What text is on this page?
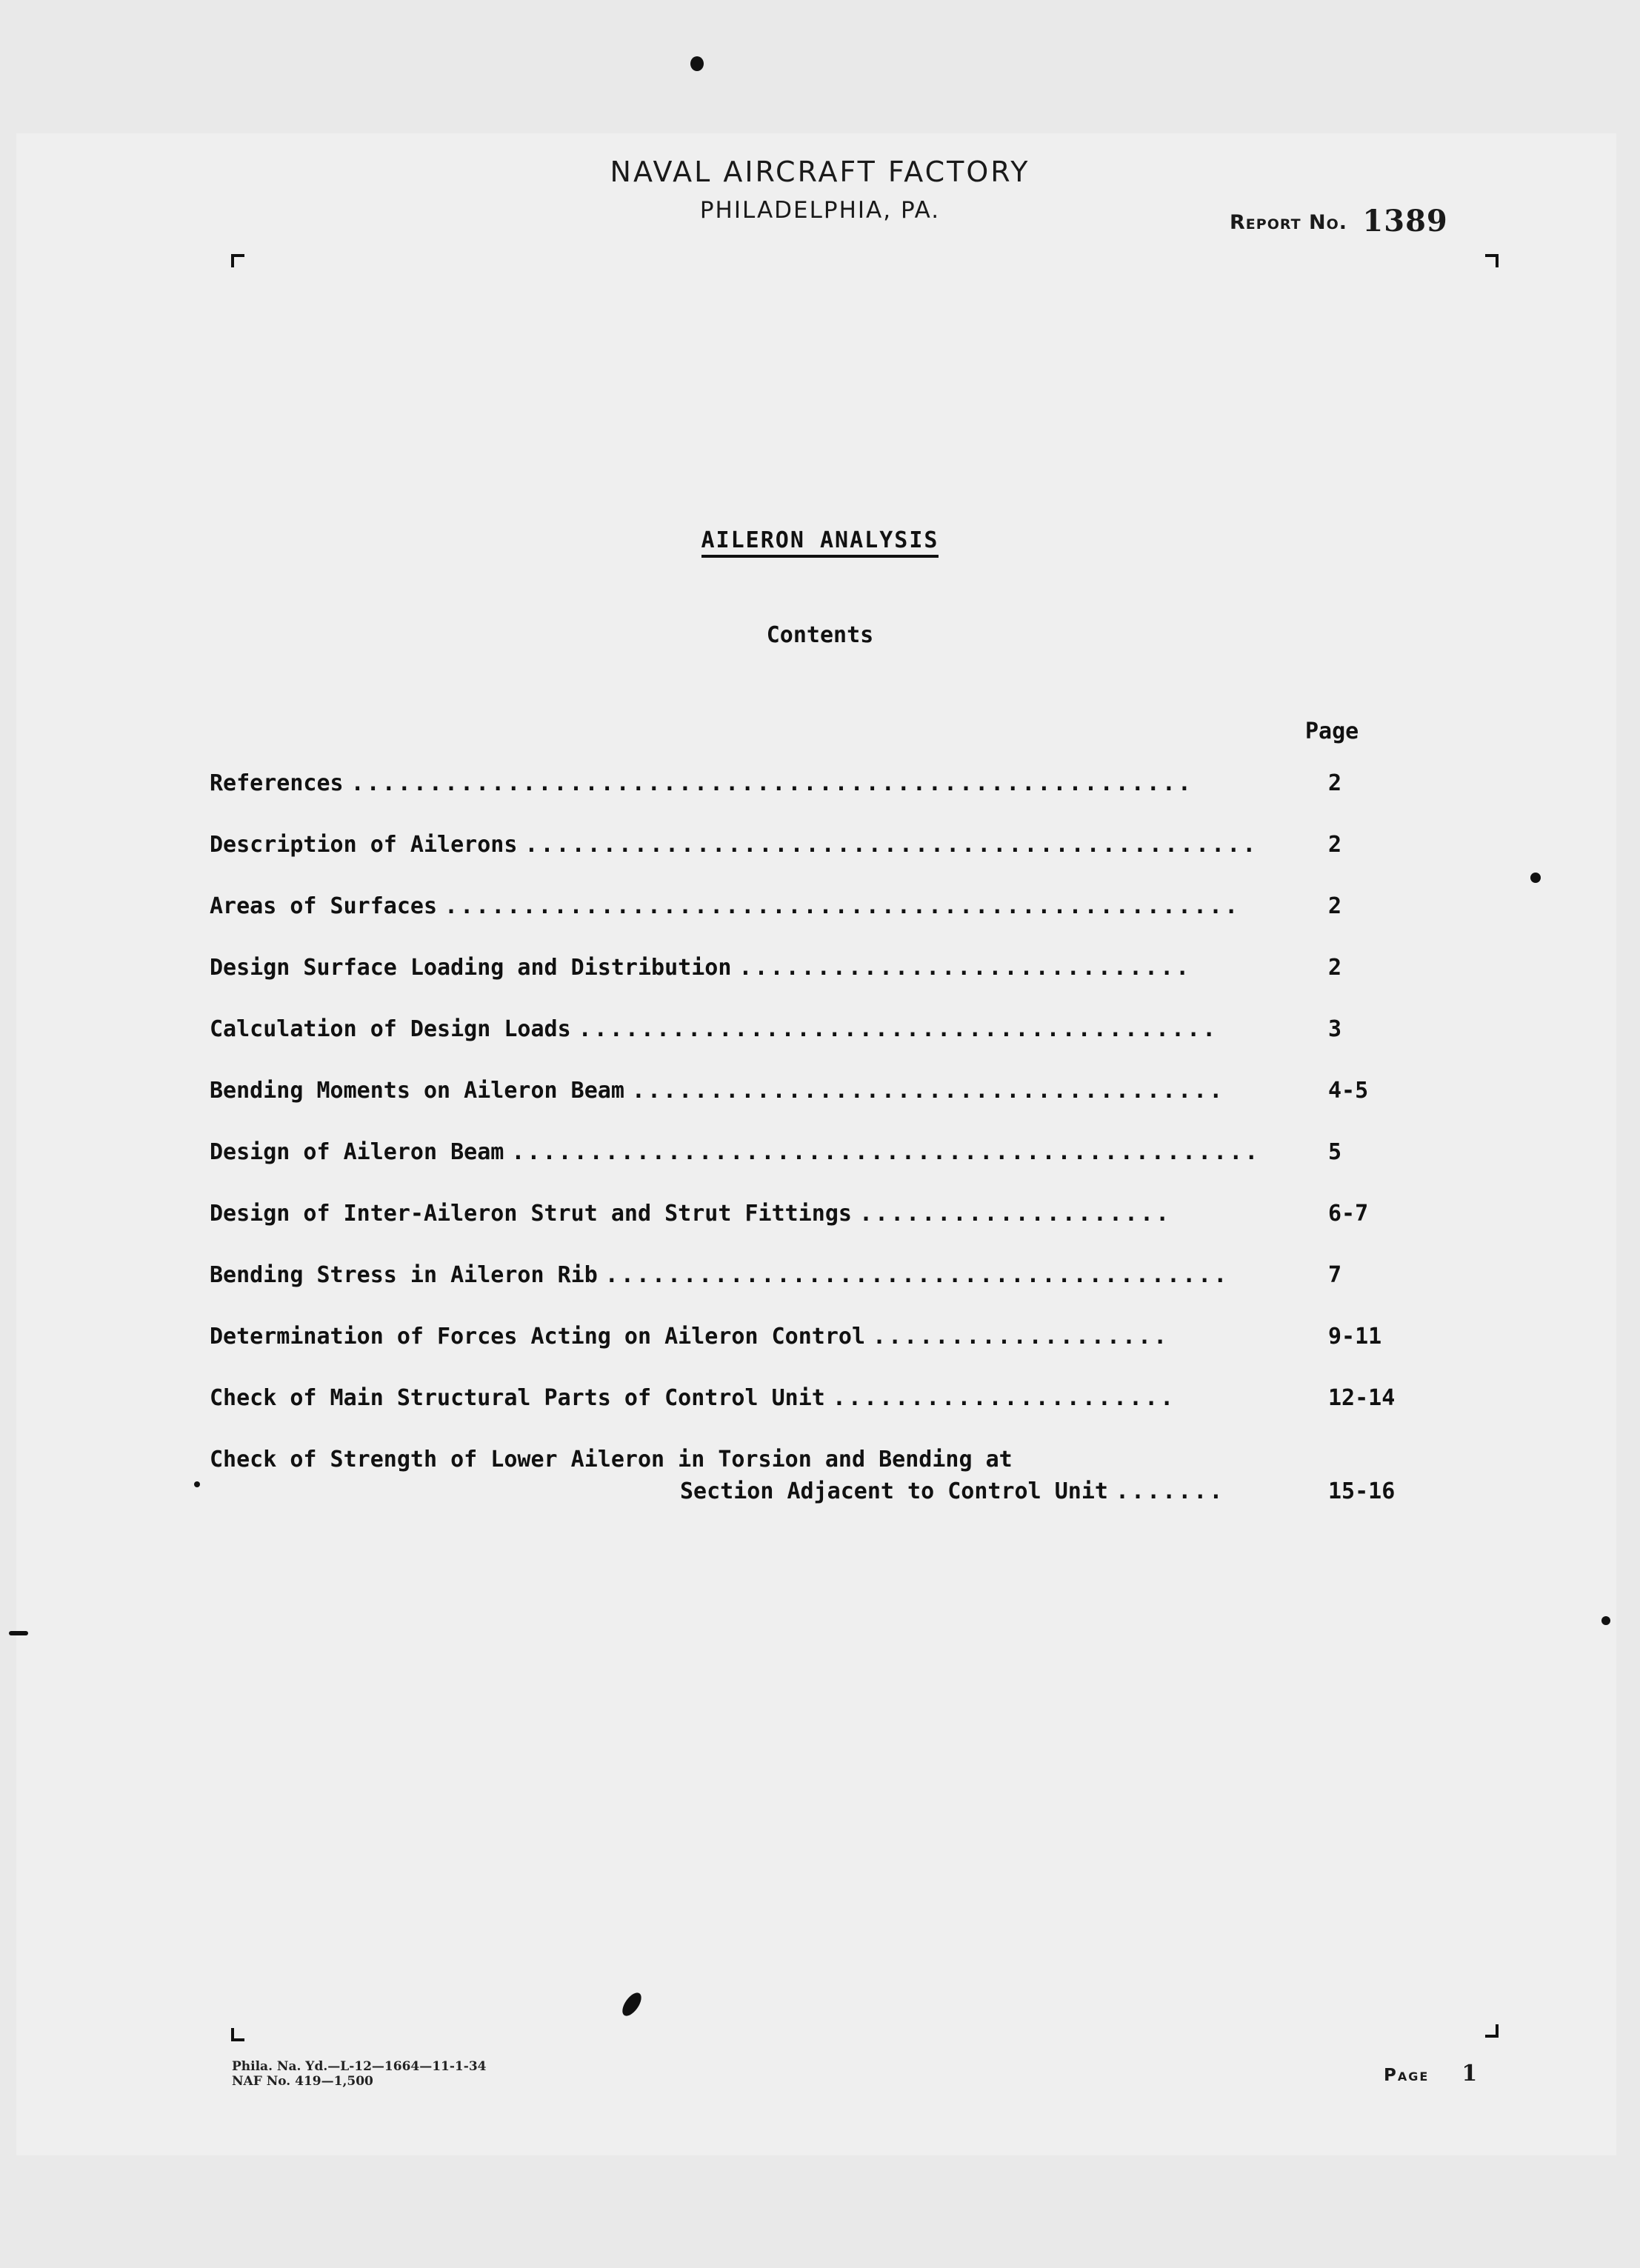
NAVAL AIRCRAFT FACTORY
PHILADELPHIA, PA.	Report No. 1389
AILERON ANALYSIS
Contents
Page
References ......................................................	2
Description of Ailerons ...............................................	2
Areas of Surfaces ...................................................	2
Design Surface Loading and Distribution .............................	2
Calculation of Design Loads .........................................	3
Bending Moments on Aileron Beam ......................................	4-5
Design of Aileron Beam ................................................	5
Design of Inter-Aileron Strut and Strut Fittings ....................	6-7
Bending Stress in Aileron Rib ........................................	7
Determination of Forces Acting on Aileron Control ...................	9-11
Check of Main Structural Parts of Control Unit ......................	12-14
Check of Strength of Lower Aileron in Torsion and Bending at
Section Adjacent to Control Unit .......	15-16
Phila. Na. Yd.—L-12—1664—11-1-34
NAF No. 419—1,500	Page 1
